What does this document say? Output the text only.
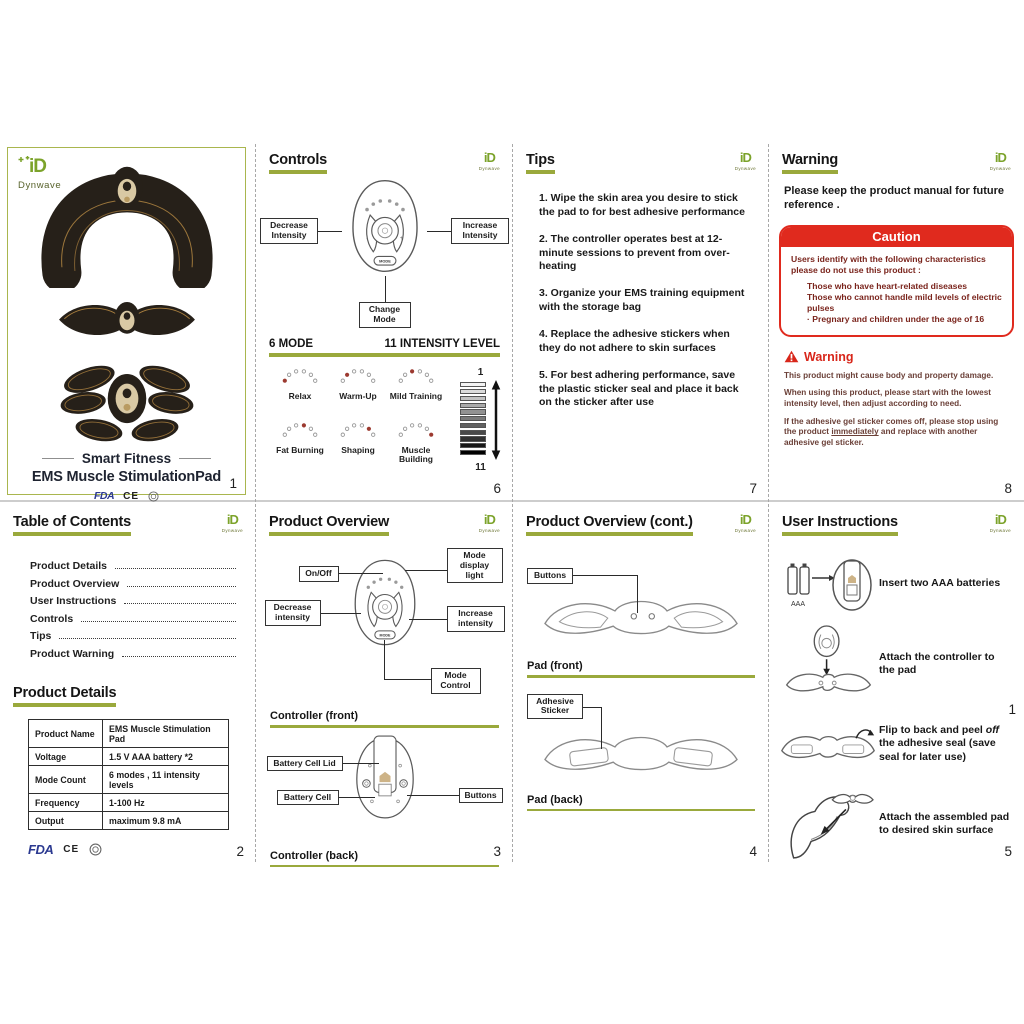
iD
Dynwave
Smart Fitness
EMS Muscle StimulationPad
FDA CE
1
Controls	iD
Dynwave
-	+
MODE
Decrease Intensity
Increase Intensity
Change Mode
6 MODE	11 INTENSITY LEVEL
Relax	Warm-Up	Mild Training
Fat Burning	Shaping	Muscle Building
1
11
6
Tips	iD
Dynwave
1. Wipe the skin area you desire to stick the pad to for best adhesive performance
2. The controller operates best at 12-minute sessions to prevent from over-heating
3. Organize your EMS training equipment with the storage bag
4. Replace the adhesive stickers when they do not adhere to skin surfaces
5. For best adhering performance, save the plastic sticker seal and place it back on the sticker after use
7
Warning	iD
Dynwave
Please keep the product manual for future reference .
Caution
Users identify with the following characteristics please do not use this product :
Those who have heart-related diseases
Those who cannot handle mild levels of electric pulses
· Pregnary and children under the age of 16
Warning
This product might cause body and property damage.
When using this product, please start with the lowest intensity level, then adjust according to need.
If the adhesive gel sticker comes off, please stop using the product immediately and replace with another adhesive gel sticker.
8
Table of Contents	iD
Dynwave
Product Details
Product Overview
User Instructions
Controls
Tips
Product Warning
Product Details
Product Name	EMS Muscle Stimulation Pad
Voltage	1.5 V AAA battery *2
Mode Count	6 modes , 11 intensity levels
Frequency	1-100 Hz
Output	maximum 9.8 mA
FDA CE	2
Product Overview	iD
Dynwave
MODE
On/Off
Mode display light
Decrease intensity	Increase intensity
Mode Control
Controller (front)
Battery Cell Lid
Battery Cell	Buttons
Controller (back)	3
Product Overview (cont.)	iD
Dynwave
Buttons
Pad (front)
Adhesive Sticker
Pad (back)
4
User Instructions	iD
Dynwave
AAA
Insert two AAA batteries
Attach the controller to the pad
Flip to back and peel off the adhesive seal (save seal for later use)
Attach the assembled pad to desired skin surface
1
5
